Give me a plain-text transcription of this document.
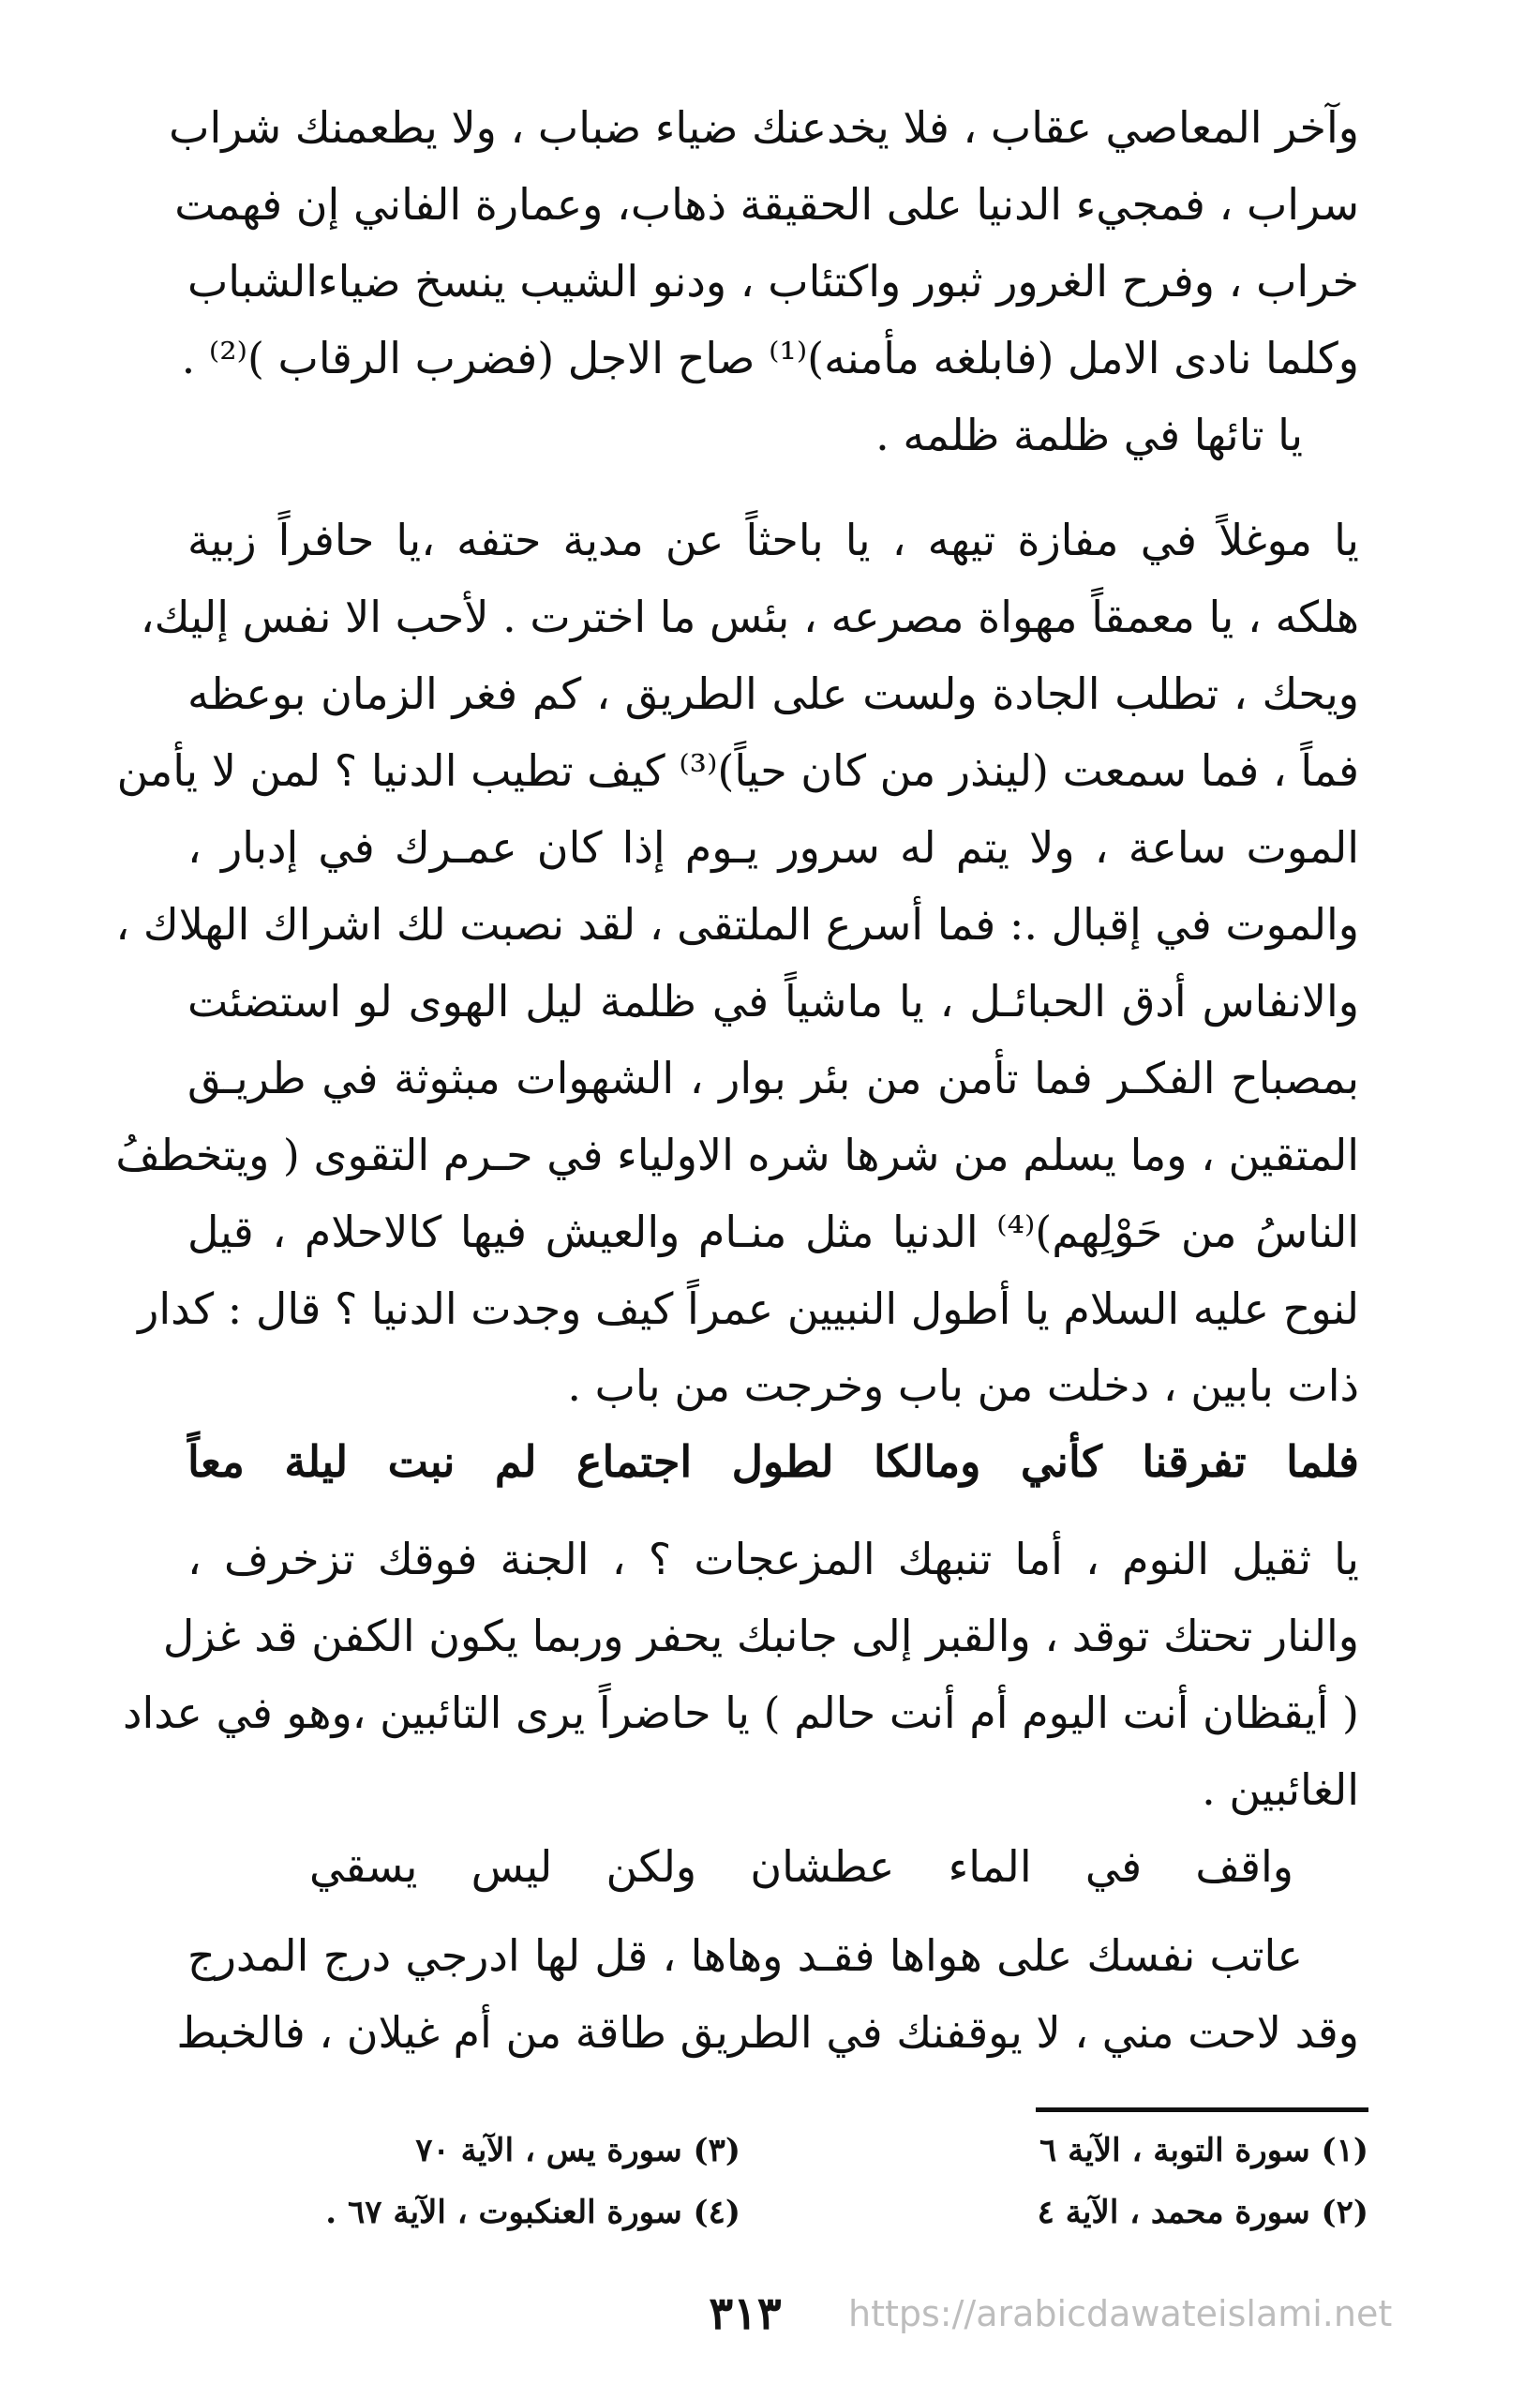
وآخر المعاصي عقاب ، فلا يخدعنك ضياء ضباب ، ولا يطعمنك شراب
سراب ، فمجيء الدنيا على الحقيقة ذهاب، وعمارة الفاني إن فهمت
خراب ، وفرح الغرور ثبور واكتئاب ، ودنو الشيب ينسخ ضياءالشباب
وكلما نادى الامل (فابلغه مأمنه)⁽¹⁾ صاح الاجل (فضرب الرقاب )⁽²⁾ .
يا تائها في ظلمة ظلمه .
يا موغلاً في مفازة تيهه ، يا باحثاً عن مدية حتفه ،يا حافراً زبية
هلكه ، يا معمقاً مهواة مصرعه ، بئس ما اخترت . لأحب الا نفس إليك،
ويحك ، تطلب الجادة ولست على الطريق ، كم فغر الزمان بوعظه
فماً ، فما سمعت (لينذر من كان حياً)⁽³⁾ كيف تطيب الدنيا ؟ لمن لا يأمن
الموت ساعة ، ولا يتم له سرور يـوم إذا كان عمـرك في إدبار ،
والموت في إقبال .: فما أسرع الملتقى ، لقد نصبت لك اشراك الهلاك ،
والانفاس أدق الحبائـل ، يا ماشياً في ظلمة ليل الهوى لو استضئت
بمصباح الفكـر فما تأمن من بئر بوار ، الشهوات مبثوثة في طريـق
المتقين ، وما يسلم من شرها شره الاولياء في حـرم التقوى ( ويتخطفُ
الناسُ من حَوْلِهم)⁽⁴⁾ الدنيا مثل منـام والعيش فيها كالاحلام ، قيل
لنوح عليه السلام يا أطول النبيين عمراً كيف وجدت الدنيا ؟ قال : كدار
ذات بابين ، دخلت من باب وخرجت من باب .
فلما تفرقنا كأني ومالكا لطول اجتماع لم نبت ليلة معاً
يا ثقيل النوم ، أما تنبهك المزعجات ؟ ، الجنة فوقك تزخرف ،
والنار تحتك توقد ، والقبر إلى جانبك يحفر وربما يكون الكفن قد غزل
( أيقظان أنت اليوم أم أنت حالم ) يا حاضراً يرى التائبين ،وهو في عداد
الغائبين .
واقف في الماء عطشان ولكن ليس يسقي
عاتب نفسك على هواها فقـد وهاها ، قل لها ادرجي درج المدرج
وقد لاحت مني ، لا يوقفنك في الطريق طاقة من أم غيلان ، فالخبط
(١) سورة التوبة ، الآية ٦
(٣) سورة يس ، الآية ٧٠
(٢) سورة محمد ، الآية ٤
(٤) سورة العنكبوت ، الآية ٦٧ .
٣١٣	https://arabicdawateislami.net
